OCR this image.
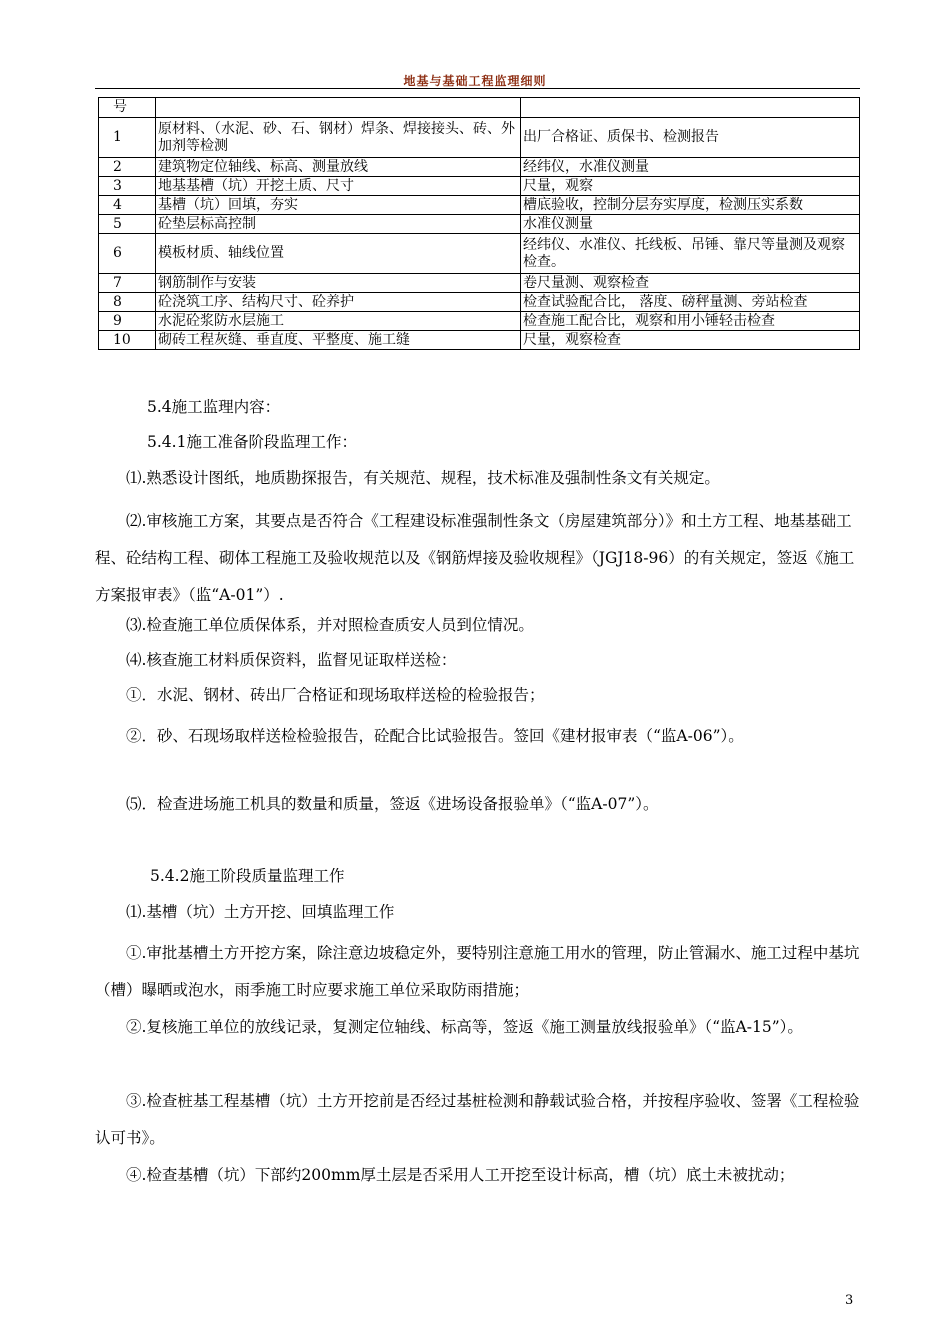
地基与基础工程监理细则
号		
1	原材料、（水泥、砂、石、钢材）焊条、焊接接头、砖、外加剂等检测	出厂合格证、质保书、检测报告
2	建筑物定位轴线、标高、测量放线	经纬仪，水准仪测量
3	地基基槽（坑）开挖土质、尺寸	尺量，观察
4	基槽（坑）回填，夯实	槽底验收，控制分层夯实厚度，检测压实系数
5	砼垫层标高控制	水准仪测量
6	模板材质、轴线位置	经纬仪、水准仪、托线板、吊锤、靠尺等量测及观察检查。
7	钢筋制作与安装	卷尺量测、观察检查
8	砼浇筑工序、结构尺寸、砼养护	检查试验配合比， 落度、磅秤量测、旁站检查
9	水泥砼浆防水层施工	检查施工配合比，观察和用小锤轻击检查
10	砌砖工程灰缝、垂直度、平整度、施工缝	尺量，观察检查
5.4施工监理内容：
5.4.1施工准备阶段监理工作：
⑴.熟悉设计图纸，地质勘探报告，有关规范、规程，技术标准及强制性条文有关规定。
⑵.审核施工方案，其要点是否符合《工程建设标准强制性条文（房屋建筑部分）》和土方工程、地基基础工程、砼结构工程、砌体工程施工及验收规范以及《钢筋焊接及验收规程》（JGJ18-96）的有关规定，签返《施工方案报审表》（监“A-01”）.
⑶.检查施工单位质保体系，并对照检查质安人员到位情况。
⑷.核查施工材料质保资料，监督见证取样送检：
①．水泥、钢材、砖出厂合格证和现场取样送检的检验报告；
②．砂、石现场取样送检检验报告，砼配合比试验报告。签回《建材报审表（“监A-06”）。
⑸．检查进场施工机具的数量和质量，签返《进场设备报验单》（“监A-07”）。
5.4.2施工阶段质量监理工作
⑴.基槽（坑）土方开挖、回填监理工作
①.审批基槽土方开挖方案，除注意边坡稳定外，要特别注意施工用水的管理，防止管漏水、施工过程中基坑（槽）曝晒或泡水，雨季施工时应要求施工单位采取防雨措施；
②.复核施工单位的放线记录，复测定位轴线、标高等，签返《施工测量放线报验单》（“监A-15”）。
③.检查桩基工程基槽（坑）土方开挖前是否经过基桩检测和静载试验合格，并按程序验收、签署《工程检验认可书》。
④.检查基槽（坑）下部约200mm厚土层是否采用人工开挖至设计标高，槽（坑）底土未被扰动；
3
